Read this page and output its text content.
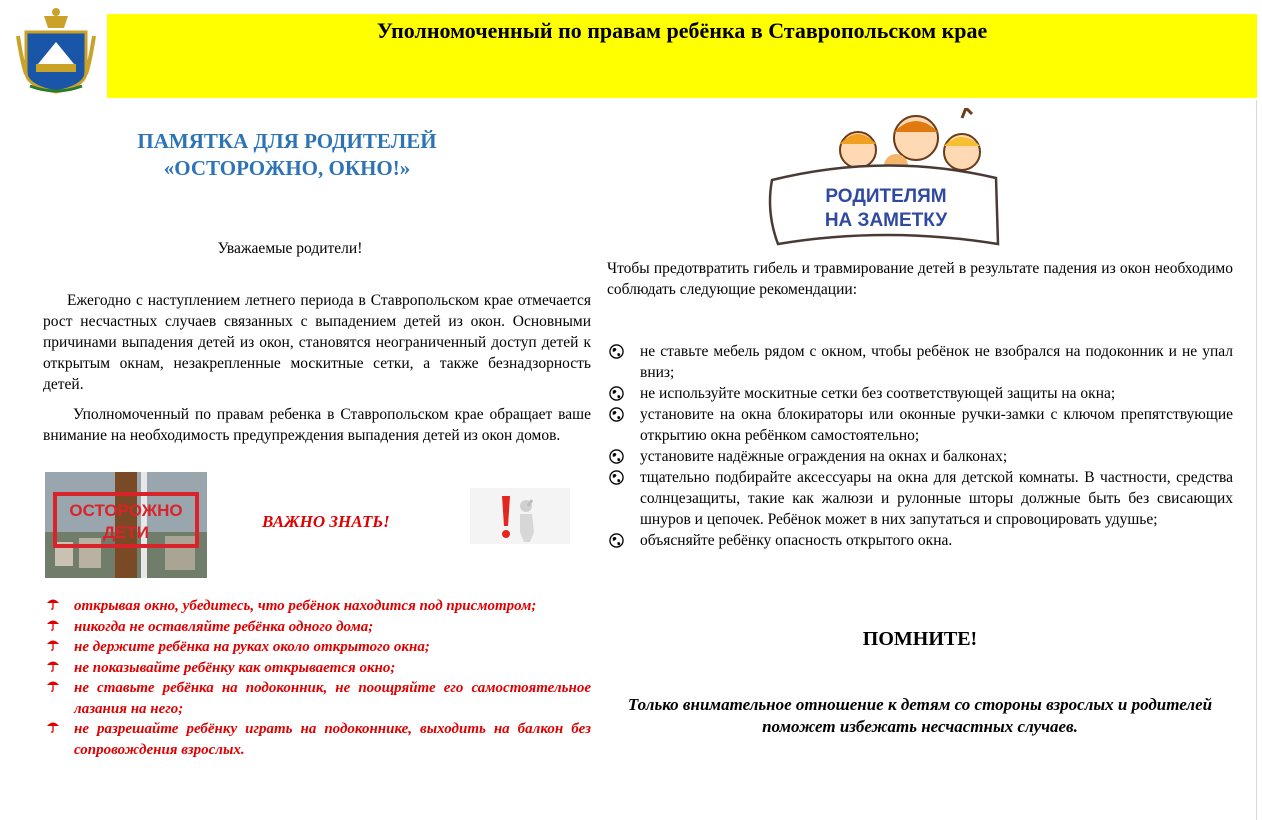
Уполномоченный по правам ребёнка в Ставропольском крае
ПАМЯТКА ДЛЯ РОДИТЕЛЕЙ
«ОСТОРОЖНО, ОКНО!»
Уважаемые родители!
Ежегодно с наступлением летнего периода в Ставропольском крае отмечается рост несчастных случаев связанных с выпадением детей из окон. Основными причинами выпадения детей из окон, становятся неограниченный доступ детей к открытым окнам, незакрепленные москитные сетки, а также безнадзорность детей.
Уполномоченный по правам ребенка в Ставропольском крае обращает ваше внимание на необходимость предупреждения выпадения детей из окон домов.
ОСТОРОЖНО
ДЕТИ
ВАЖНО ЗНАТЬ!
открывая окно, убедитесь, что ребёнок находится под присмотром;
никогда не оставляйте ребёнка одного дома;
не держите ребёнка на руках около открытого окна;
не показывайте ребёнку как открывается окно;
не ставьте ребёнка на подоконник, не поощряйте его самостоятельное лазания на него;
не разрешайте ребёнку играть на подоконнике, выходить на балкон без сопровождения взрослых.
РОДИТЕЛЯМ
НА ЗАМЕТКУ
Чтобы предотвратить гибель и травмирование детей в результате падения из окон необходимо соблюдать следующие рекомендации:
не ставьте мебель рядом с окном, чтобы ребёнок не взобрался на подоконник и не упал вниз;
не используйте москитные сетки без соответствующей защиты на окна;
установите на окна блокираторы или оконные ручки-замки с ключом препятствующие открытию окна ребёнком самостоятельно;
установите надёжные ограждения на окнах и балконах;
тщательно подбирайте аксессуары на окна для детской комнаты. В частности, средства солнцезащиты, такие как жалюзи и рулонные шторы должные быть без свисающих шнуров и цепочек. Ребёнок может в них запутаться и спровоцировать удушье;
объясняйте ребёнку опасность открытого окна.
ПОМНИТЕ!
Только внимательное отношение к детям со стороны взрослых и родителей поможет избежать несчастных случаев.
